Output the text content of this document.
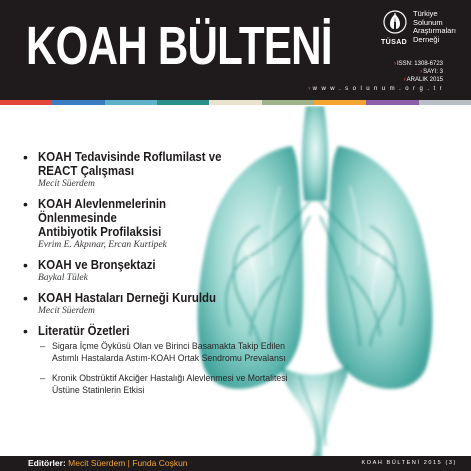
KOAH BÜLTENİ	TÜSAD
Türkiye
Solunum
Araştırmaları
Derneği
›ISSN: 1308-6723
›SAYI: 3
›ARALIK 2015
›w w w . s o l u n u m . o r g . t r
• KOAH Tedavisinde Roflumilast ve
REACT Çalışması
Mecit Süerdem
• KOAH Alevlenmelerinin
Önlenmesinde
Antibiyotik Profilaksisi
Evrim E. Akpınar, Ercan Kurtipek
• KOAH ve Bronşektazi
Baykal Tülek
• KOAH Hastaları Derneği Kuruldu
Mecit Süerdem
• Literatür Özetleri
– Sigara İçme Öyküsü Olan ve Birinci Basamakta Takip Edilen
Astımlı Hastalarda Astım-KOAH Ortak Sendromu Prevalansı
– Kronik Obstrüktif Akciğer Hastalığı Alevlenmesi ve Mortalitesi
Üstüne Statinlerin Etkisi
Editörler: Mecit Süerdem | Funda Coşkun	KOAH BÜLTENİ 2015 (3)
